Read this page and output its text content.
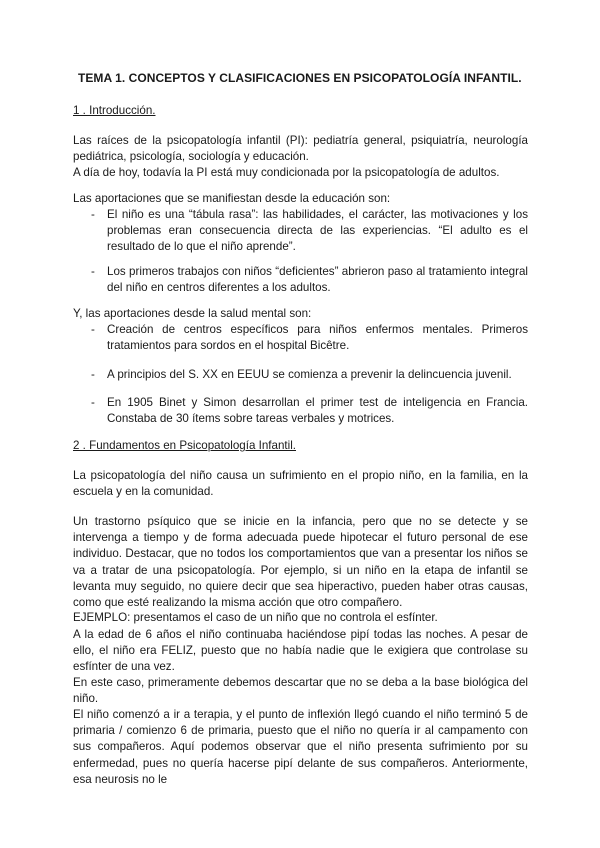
TEMA 1. CONCEPTOS Y CLASIFICACIONES EN PSICOPATOLOGÍA INFANTIL.
1 . Introducción.
Las raíces de la psicopatología infantil (PI): pediatría general, psiquiatría, neurología pediátrica, psicología, sociología y educación.
A día de hoy, todavía la PI está muy condicionada por la psicopatología de adultos.
Las aportaciones que se manifiestan desde la educación son:
- El niño es una “tábula rasa”: las habilidades, el carácter, las motivaciones y los problemas eran consecuencia directa de las experiencias. “El adulto es el resultado de lo que el niño aprende”.
- Los primeros trabajos con niños “deficientes” abrieron paso al tratamiento integral del niño en centros diferentes a los adultos.
Y, las aportaciones desde la salud mental son:
- Creación de centros específicos para niños enfermos mentales. Primeros tratamientos para sordos en el hospital Bicêtre.
- A principios del S. XX en EEUU se comienza a prevenir la delincuencia juvenil.
- En 1905 Binet y Simon desarrollan el primer test de inteligencia en Francia. Constaba de 30 ítems sobre tareas verbales y motrices.
2 . Fundamentos en Psicopatología Infantil.
La psicopatología del niño causa un sufrimiento en el propio niño, en la familia, en la escuela y en la comunidad.
Un trastorno psíquico que se inicie en la infancia, pero que no se detecte y se intervenga a tiempo y de forma adecuada puede hipotecar el futuro personal de ese individuo. Destacar, que no todos los comportamientos que van a presentar los niños se va a tratar de una psicopatología. Por ejemplo, si un niño en la etapa de infantil se levanta muy seguido, no quiere decir que sea hiperactivo, pueden haber otras causas, como que esté realizando la misma acción que otro compañero.
EJEMPLO: presentamos el caso de un niño que no controla el esfínter.
A la edad de 6 años el niño continuaba haciéndose pipí todas las noches. A pesar de ello, el niño era FELIZ, puesto que no había nadie que le exigiera que controlase su esfínter de una vez.
En este caso, primeramente debemos descartar que no se deba a la base biológica del niño.
El niño comenzó a ir a terapia, y el punto de inflexión llegó cuando el niño terminó 5 de primaria / comienzo 6 de primaria, puesto que el niño no quería ir al campamento con sus compañeros. Aquí podemos observar que el niño presenta sufrimiento por su enfermedad, pues no quería hacerse pipí delante de sus compañeros. Anteriormente, esa neurosis no le
